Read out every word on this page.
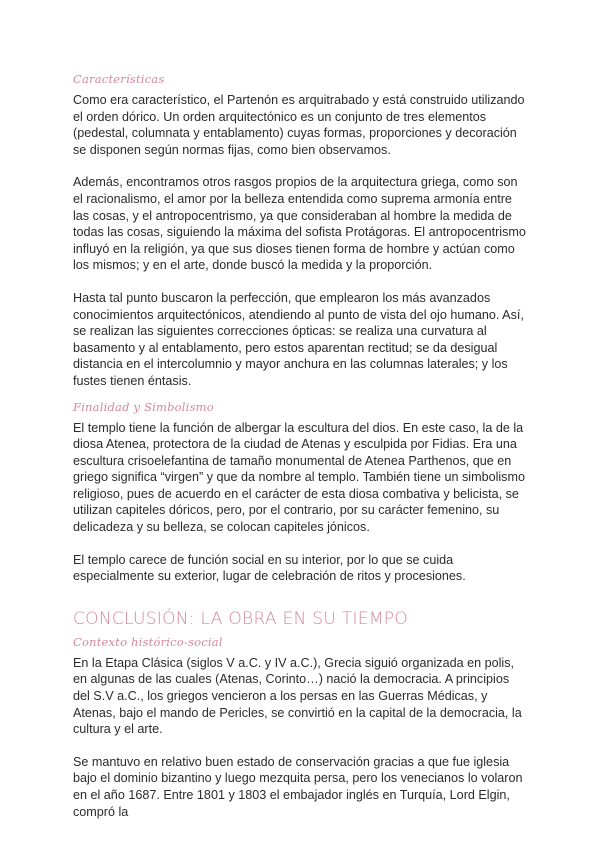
Características

Como era característico, el Partenón es arquitrabado y está construido utilizando el orden dórico. Un orden arquitectónico es un conjunto de tres elementos (pedestal, columnata y entablamento) cuyas formas, proporciones y decoración se disponen según normas fijas, como bien observamos.

Además, encontramos otros rasgos propios de la arquitectura griega, como son el racionalismo, el amor por la belleza entendida como suprema armonía entre las cosas, y el antropocentrismo, ya que consideraban al hombre la medida de todas las cosas, siguiendo la máxima del sofista Protágoras. El antropocentrismo influyó en la religión, ya que sus dioses tienen forma de hombre y actúan como los mismos; y en el arte, donde buscó la medida y la proporción.

Hasta tal punto buscaron la perfección, que emplearon los más avanzados conocimientos arquitectónicos, atendiendo al punto de vista del ojo humano. Así, se realizan las siguientes correcciones ópticas: se realiza una curvatura al basamento y al entablamento, pero estos aparentan rectitud; se da desigual distancia en el intercolumnio y mayor anchura en las columnas laterales; y los fustes tienen éntasis.

Finalidad y Simbolismo

El templo tiene la función de albergar la escultura del dios. En este caso, la de la diosa Atenea, protectora de la ciudad de Atenas y esculpida por Fidias. Era una escultura crisoelefantina de tamaño monumental de Atenea Parthenos, que en griego significa “virgen” y que da nombre al templo. También tiene un simbolismo religioso, pues de acuerdo en el carácter de esta diosa combativa y belicista, se utilizan capiteles dóricos, pero, por el contrario, por su carácter femenino, su delicadeza y su belleza, se colocan capiteles jónicos.

El templo carece de función social en su interior, por lo que se cuida especialmente su exterior, lugar de celebración de ritos y procesiones.

CONCLUSIÓN: LA OBRA EN SU TIEMPO
Contexto histórico-social

En la Etapa Clásica (siglos V a.C. y IV a.C.), Grecia siguió organizada en polis, en algunas de las cuales (Atenas, Corinto…) nació la democracia. A principios del S.V a.C., los griegos vencieron a los persas en las Guerras Médicas, y Atenas, bajo el mando de Pericles, se convirtió en la capital de la democracia, la cultura y el arte.

Se mantuvo en relativo buen estado de conservación gracias a que fue iglesia bajo el dominio bizantino y luego mezquita persa, pero los venecianos lo volaron en el año 1687. Entre 1801 y 1803 el embajador inglés en Turquía, Lord Elgin, compró la
